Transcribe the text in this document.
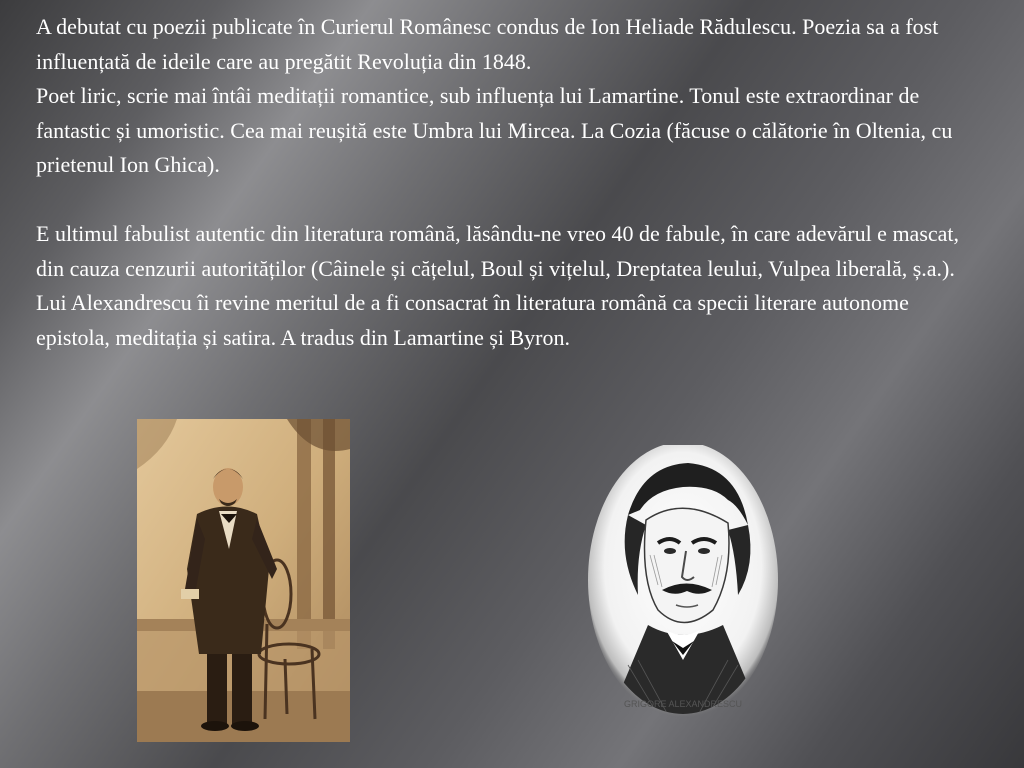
A debutat cu poezii publicate în Curierul Românesc condus de Ion Heliade Rădulescu. Poezia sa a fost influențată de ideile care au pregătit Revoluția din 1848.

Poet liric, scrie mai întâi meditații romantice, sub influența lui Lamartine. Tonul este extraordinar de fantastic și umoristic. Cea mai reușită este Umbra lui Mircea. La Cozia (făcuse o călătorie în Oltenia, cu prietenul Ion Ghica).

E ultimul fabulist autentic din literatura română, lăsându-ne vreo 40 de fabule, în care adevărul e mascat, din cauza cenzurii autorităților (Câinele și cățelul, Boul și vițelul, Dreptatea leului, Vulpea liberală, ș.a.).

Lui Alexandrescu îi revine meritul de a fi consacrat în literatura română ca specii literare autonome epistola, meditația și satira. A tradus din Lamartine și Byron.

GRIGORE ALEXANDRESCU
